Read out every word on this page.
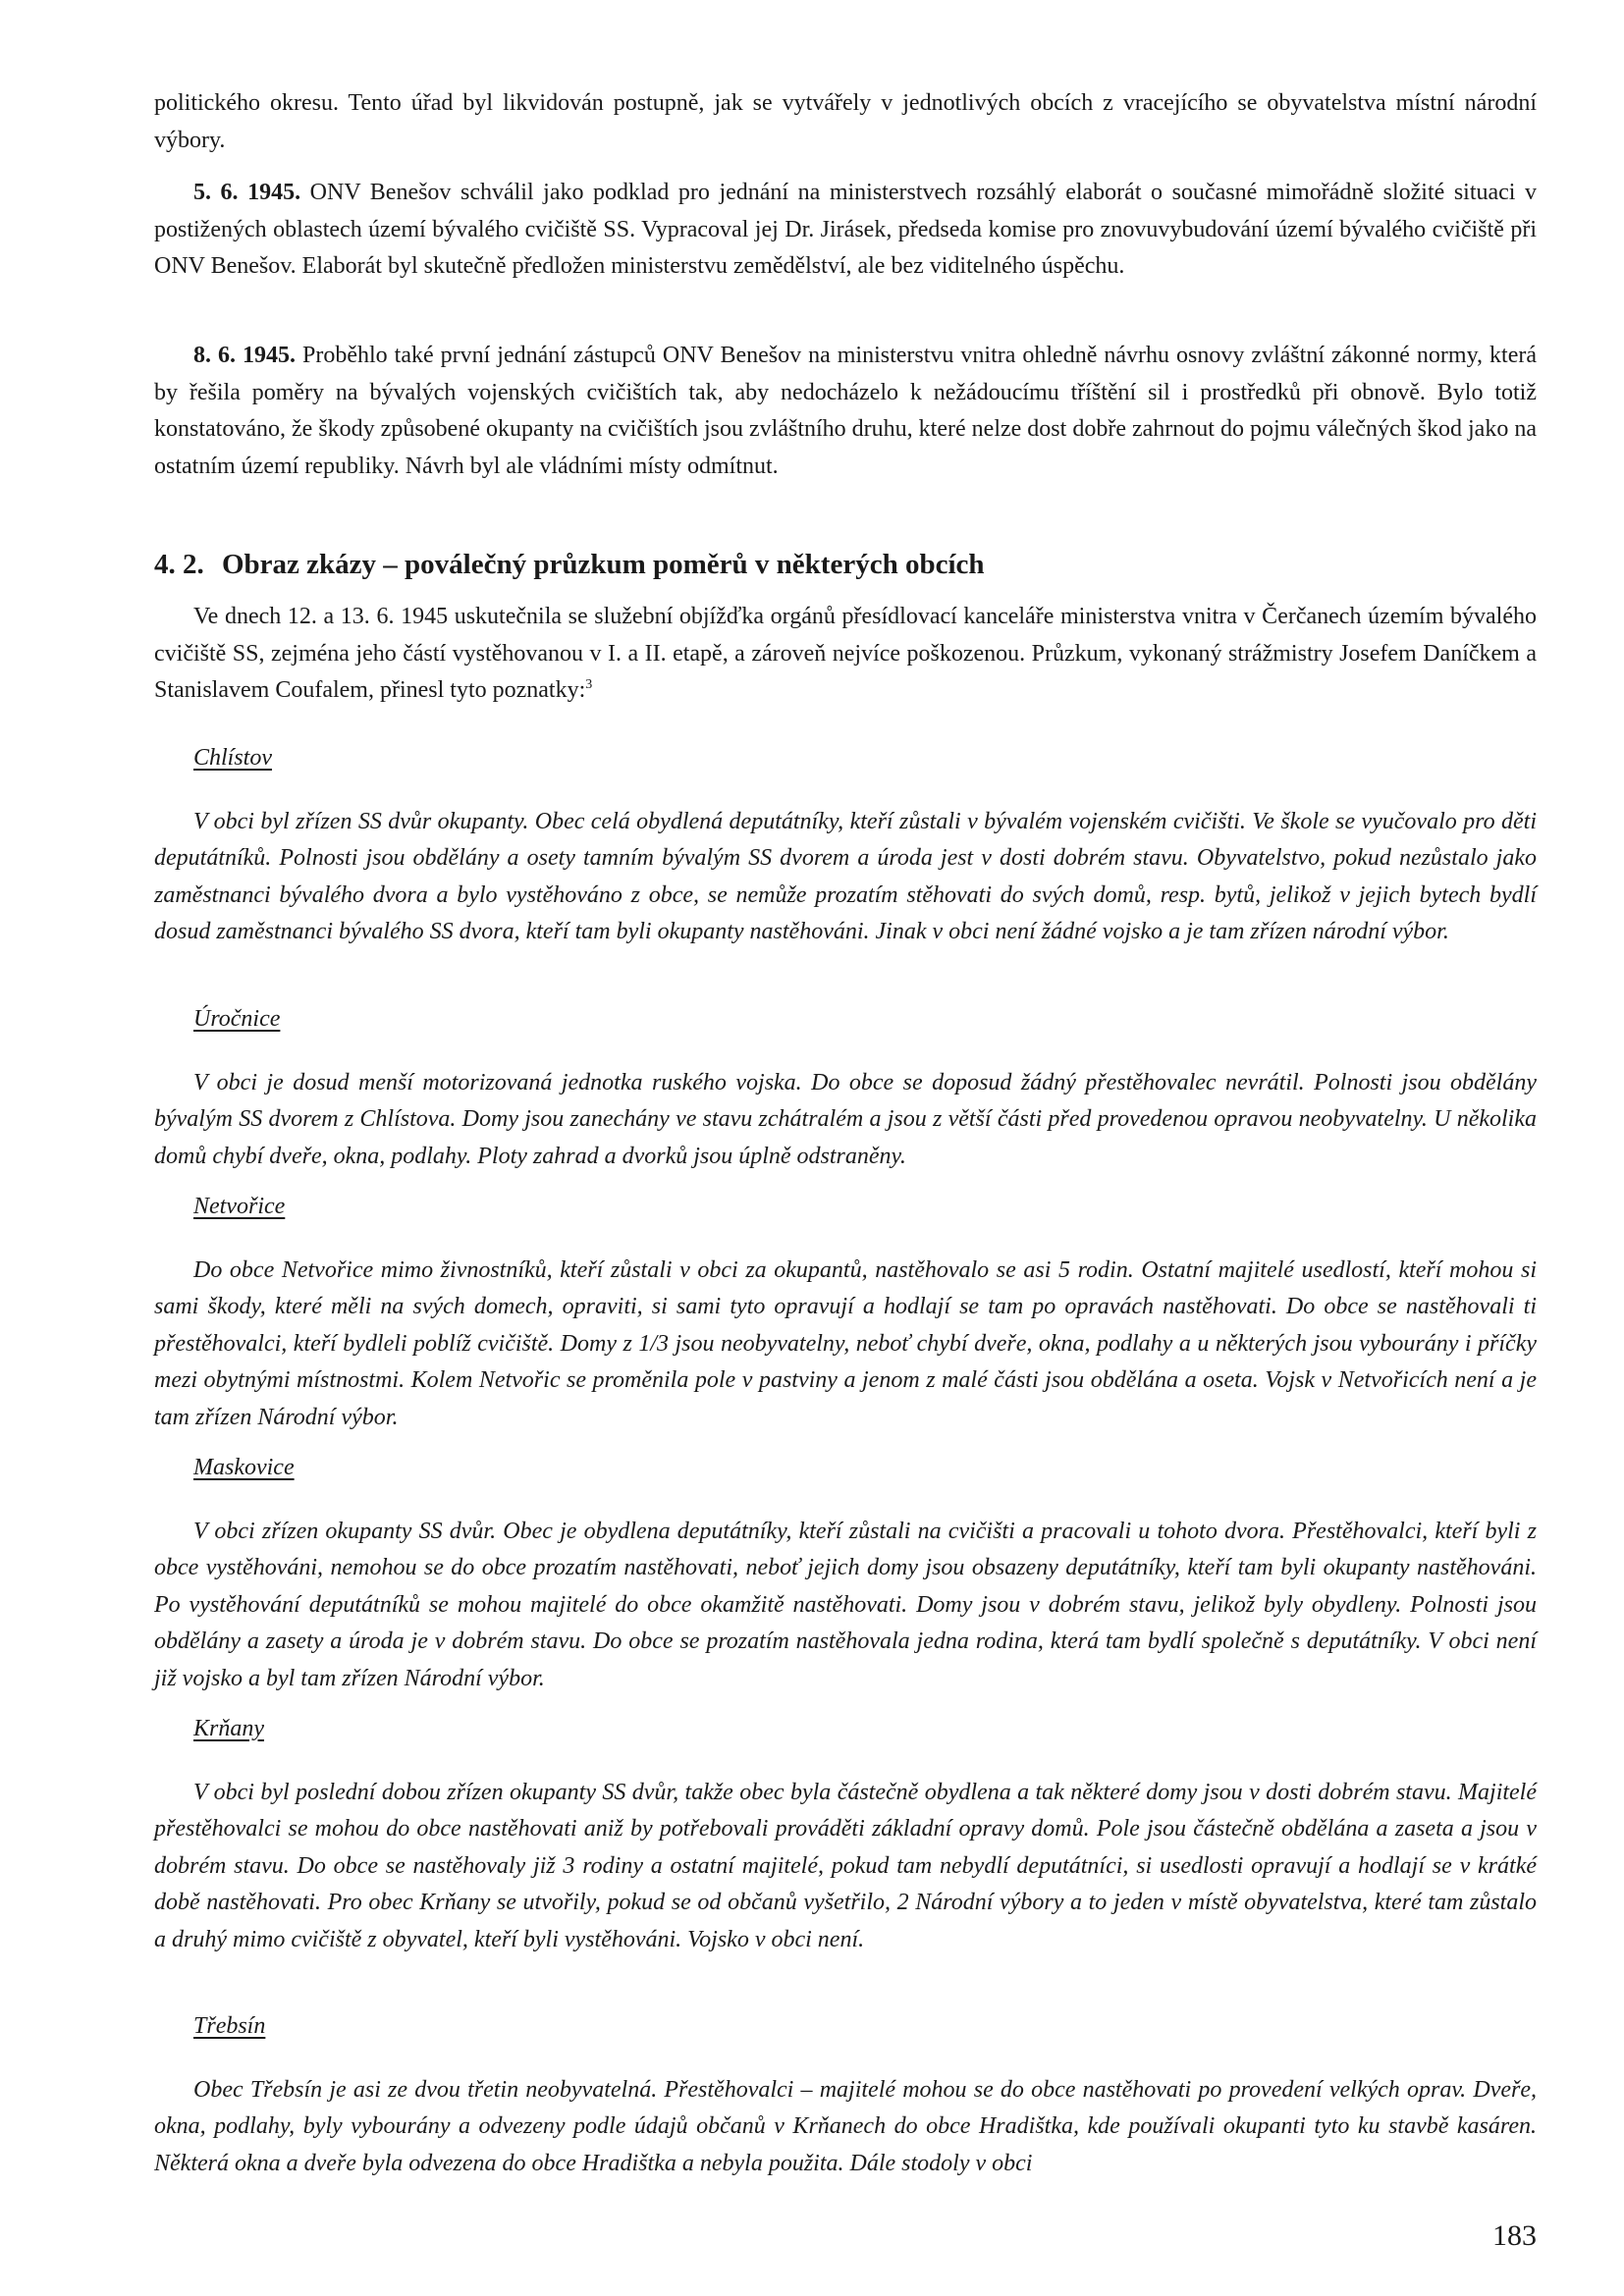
politického okresu. Tento úřad byl likvidován postupně, jak se vytvářely v jednotlivých obcích z vracejícího se obyvatelstva místní národní výbory.

5. 6. 1945. ONV Benešov schválil jako podklad pro jednání na ministerstvech rozsáhlý elaborát o současné mimořádně složité situaci v postižených oblastech území bývalého cvičiště SS. Vypracoval jej Dr. Jirásek, předseda komise pro znovuvybudování území bývalého cvičiště při ONV Benešov. Elaborát byl skutečně předložen ministerstvu zemědělství, ale bez viditelného úspěchu.

8. 6. 1945. Proběhlo také první jednání zástupců ONV Benešov na ministerstvu vnitra ohledně návrhu osnovy zvláštní zákonné normy, která by řešila poměry na bývalých vojenských cvičištích tak, aby nedocházelo k nežádoucímu tříštění sil i prostředků při obnově. Bylo totiž konstatováno, že škody způsobené okupanty na cvičištích jsou zvláštního druhu, které nelze dost dobře zahrnout do pojmu válečných škod jako na ostatním území republiky. Návrh byl ale vládními místy odmítnut.

4. 2. Obraz zkázy – poválečný průzkum poměrů v některých obcích

Ve dnech 12. a 13. 6. 1945 uskutečnila se služební objížďka orgánů přesídlovací kanceláře ministerstva vnitra v Čerčanech územím bývalého cvičiště SS, zejména jeho částí vystěhovanou v I. a II. etapě, a zároveň nejvíce poškozenou. Průzkum, vykonaný strážmistry Josefem Daníčkem a Stanislavem Coufalem, přinesl tyto poznatky:$^3$

Chlístov

V obci byl zřízen SS dvůr okupanty. Obec celá obydlená deputátníky, kteří zůstali v bývalém vojenském cvičišti. Ve škole se vyučovalo pro děti deputátníků. Polnosti jsou obdělány a osety tamním bývalým SS dvorem a úroda jest v dosti dobrém stavu. Obyvatelstvo, pokud nezůstalo jako zaměstnanci bývalého dvora a bylo vystěhováno z obce, se nemůže prozatím stěhovati do svých domů, resp. bytů, jelikož v jejich bytech bydlí dosud zaměstnanci bývalého SS dvora, kteří tam byli okupanty nastěhováni. Jinak v obci není žádné vojsko a je tam zřízen národní výbor.

Úročnice

V obci je dosud menší motorizovaná jednotka ruského vojska. Do obce se doposud žádný přestěhovalec nevrátil. Polnosti jsou obdělány bývalým SS dvorem z Chlístova. Domy jsou zanechány ve stavu zchátralém a jsou z větší části před provedenou opravou neobyvatelny. U několika domů chybí dveře, okna, podlahy. Ploty zahrad a dvorků jsou úplně odstraněny.

Netvořice

Do obce Netvořice mimo živnostníků, kteří zůstali v obci za okupantů, nastěhovalo se asi 5 rodin. Ostatní majitelé usedlostí, kteří mohou si sami škody, které měli na svých domech, opraviti, si sami tyto opravují a hodlají se tam po opravách nastěhovati. Do obce se nastěhovali ti přestěhovalci, kteří bydleli poblíž cvičiště. Domy z 1/3 jsou neobyvatelny, neboť chybí dveře, okna, podlahy a u některých jsou vybourány i příčky mezi obytnými místnostmi. Kolem Netvořic se proměnila pole v pastviny a jenom z malé části jsou obdělána a oseta. Vojsk v Netvořicích není a je tam zřízen Národní výbor.

Maskovice

V obci zřízen okupanty SS dvůr. Obec je obydlena deputátníky, kteří zůstali na cvičišti a pracovali u tohoto dvora. Přestěhovalci, kteří byli z obce vystěhováni, nemohou se do obce prozatím nastěhovati, neboť jejich domy jsou obsazeny deputátníky, kteří tam byli okupanty nastěhováni. Po vystěhování deputátníků se mohou majitelé do obce okamžitě nastěhovati. Domy jsou v dobrém stavu, jelikož byly obydleny. Polnosti jsou obdělány a zasety a úroda je v dobrém stavu. Do obce se prozatím nastěhovala jedna rodina, která tam bydlí společně s deputátníky. V obci není již vojsko a byl tam zřízen Národní výbor.

Krňany

V obci byl poslední dobou zřízen okupanty SS dvůr, takže obec byla částečně obydlena a tak některé domy jsou v dosti dobrém stavu. Majitelé přestěhovalci se mohou do obce nastěhovati aniž by potřebovali prováděti základní opravy domů. Pole jsou částečně obdělána a zaseta a jsou v dobrém stavu. Do obce se nastěhovaly již 3 rodiny a ostatní majitelé, pokud tam nebydlí deputátníci, si usedlosti opravují a hodlají se v krátké době nastěhovati. Pro obec Krňany se utvořily, pokud se od občanů vyšetřilo, 2 Národní výbory a to jeden v místě obyvatelstva, které tam zůstalo a druhý mimo cvičiště z obyvatel, kteří byli vystěhováni. Vojsko v obci není.

Třebsín

Obec Třebsín je asi ze dvou třetin neobyvatelná. Přestěhovalci – majitelé mohou se do obce nastěhovati po provedení velkých oprav. Dveře, okna, podlahy, byly vybourány a odvezeny podle údajů občanů v Krňanech do obce Hradištka, kde používali okupanti tyto ku stavbě kasáren. Některá okna a dveře byla odvezena do obce Hradištka a nebyla použita. Dále stodoly v obci

183
